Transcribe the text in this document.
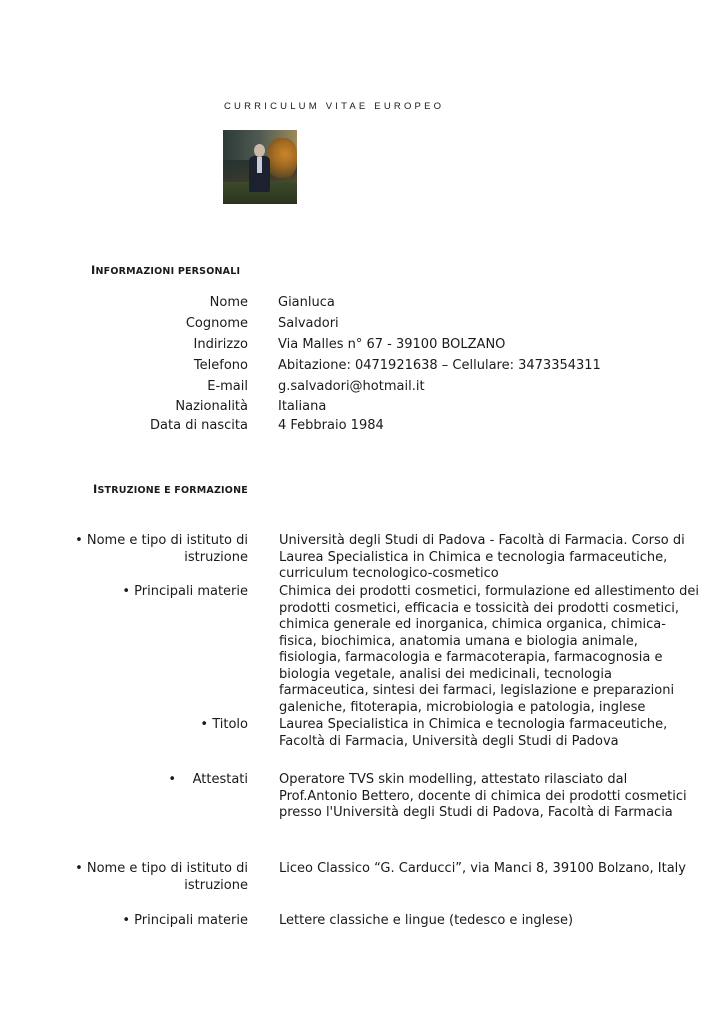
CURRICULUM VITAE EUROPEO
INFORMAZIONI PERSONALI
Nome Gianluca
Cognome Salvadori
Indirizzo Via Malles n° 67 - 39100 BOLZANO
Telefono Abitazione: 0471921638 – Cellulare: 3473354311
E-mail g.salvadori@hotmail.it
Nazionalità Italiana
Data di nascita 4 Febbraio 1984
ISTRUZIONE E FORMAZIONE
• Nome e tipo di istituto di istruzione
Università degli Studi di Padova - Facoltà di Farmacia. Corso di Laurea Specialistica in Chimica e tecnologia farmaceutiche, curriculum tecnologico-cosmetico
• Principali materie Chimica dei prodotti cosmetici, formulazione ed allestimento dei prodotti cosmetici, efficacia e tossicità dei prodotti cosmetici, chimica generale ed inorganica, chimica organica, chimica-fisica, biochimica, anatomia umana e biologia animale, fisiologia, farmacologia e farmacoterapia, farmacognosia e biologia vegetale, analisi dei medicinali, tecnologia farmaceutica, sintesi dei farmaci, legislazione e preparazioni galeniche, fitoterapia, microbiologia e patologia, inglese
• Titolo Laurea Specialistica in Chimica e tecnologia farmaceutiche, Facoltà di Farmacia, Università degli Studi di Padova
•    Attestati Operatore TVS skin modelling, attestato rilasciato dal Prof.Antonio Bettero, docente di chimica dei prodotti cosmetici presso l'Università degli Studi di Padova, Facoltà di Farmacia
• Nome e tipo di istituto di istruzione
Liceo Classico “G. Carducci”, via Manci 8, 39100 Bolzano, Italy
• Principali materie Lettere classiche e lingue (tedesco e inglese)
